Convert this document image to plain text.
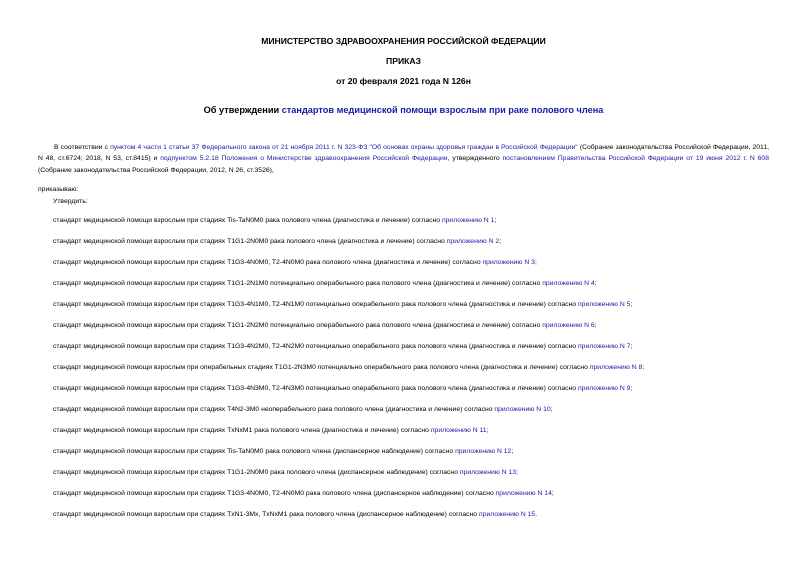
МИНИСТЕРСТВО ЗДРАВООХРАНЕНИЯ РОССИЙСКОЙ ФЕДЕРАЦИИ
ПРИКАЗ
от 20 февраля 2021 года N 126н
Об утверждении стандартов медицинской помощи взрослым при раке полового члена
В соответствии с пунктом 4 части 1 статьи 37 Федерального закона от 21 ноября 2011 г. N 323-ФЗ "Об основах охраны здоровья граждан в Российской Федерации" (Собрание законодательства Российской Федерации, 2011, N 48, ст.6724; 2018, N 53, ст.8415) и подпунктом 5.2.18 Положения о Министерстве здравоохранения Российской Федерации, утвержденного постановлением Правительства Российской Федерации от 19 июня 2012 г. N 608 (Собрание законодательства Российской Федерации, 2012, N 26, ст.3526),
приказываю:
Утвердить:
стандарт медицинской помощи взрослым при стадиях Tis-TaN0M0 рака полового члена (диагностика и лечение) согласно приложению N 1;
стандарт медицинской помощи взрослым при стадиях T1G1-2N0M0 рака полового члена (диагностика и лечение) согласно приложению N 2;
стандарт медицинской помощи взрослым при стадиях T1G3-4N0M0, T2-4N0M0 рака полового члена (диагностика и лечение) согласно приложению N 3;
стандарт медицинской помощи взрослым при стадиях T1G1-2N1M0 потенциально операбельного рака полового члена (диагностика и лечение) согласно приложению N 4;
стандарт медицинской помощи взрослым при стадиях T1G3-4N1M0, T2-4N1M0 потенциально операбельного рака полового члена (диагностика и лечение) согласно приложению N 5;
стандарт медицинской помощи взрослым при стадиях T1G1-2N2M0 потенциально операбельного рака полового члена (диагностика и лечение) согласно приложению N 6;
стандарт медицинской помощи взрослым при стадиях T1G3-4N2M0, T2-4N2M0 потенциально операбельного рака полового члена (диагностика и лечение) согласно приложению N 7;
стандарт медицинской помощи взрослым при операбельных стадиях T1G1-2N3M0 потенциально операбельного рака полового члена (диагностика и лечение) согласно приложению N 8;
стандарт медицинской помощи взрослым при стадиях T1G3-4N3M0, T2-4N3M0 потенциально операбельного рака полового члена (диагностика и лечение) согласно приложению N 9;
стандарт медицинской помощи взрослым при стадиях T4N2-3M0 неоперабельного рака полового члена (диагностика и лечение) согласно приложению N 10;
стандарт медицинской помощи взрослым при стадиях TxNxM1 рака полового члена (диагностика и лечение) согласно приложению N 11;
стандарт медицинской помощи взрослым при стадиях Tis-TaN0M0 рака полового члена (диспансерное наблюдение) согласно приложению N 12;
стандарт медицинской помощи взрослым при стадиях T1G1-2N0M0 рака полового члена (диспансерное наблюдение) согласно приложению N 13;
стандарт медицинской помощи взрослым при стадиях T1G3-4N0M0, T2-4N0M0 рака полового члена (диспансерное наблюдение) согласно приложению N 14;
стандарт медицинской помощи взрослым при стадиях TxN1-3Mx, TxNxM1 рака полового члена (диспансерное наблюдение) согласно приложению N 15.
